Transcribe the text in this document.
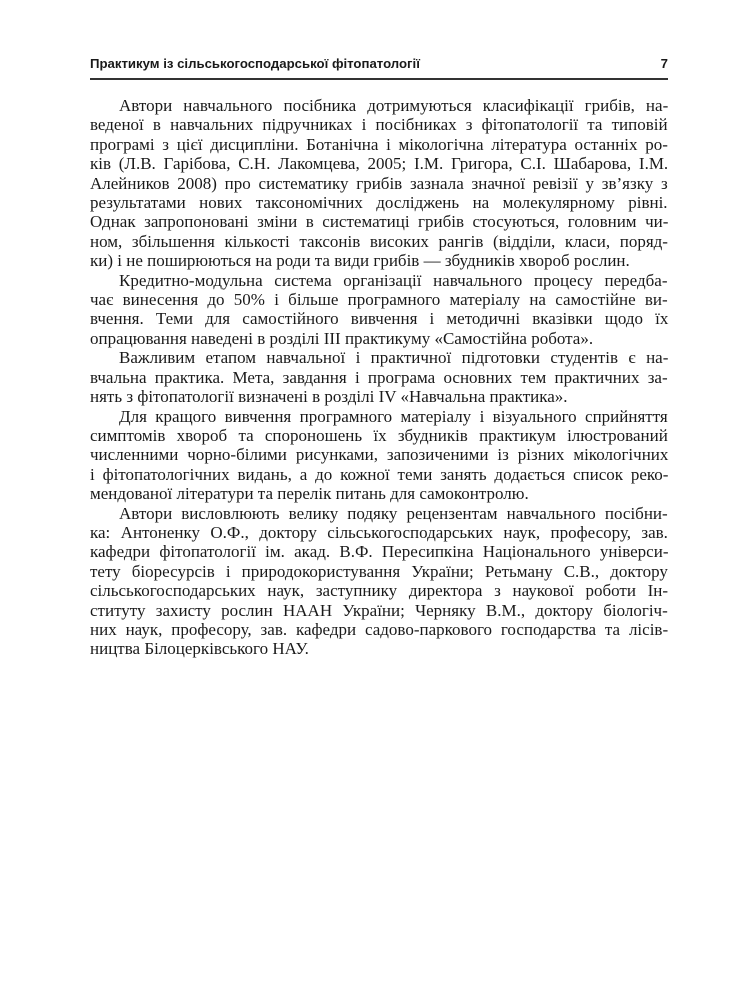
Практикум із сільськогосподарської фітопатології	7

Автори навчального посібника дотримуються класифікації грибів, на-
веденої в навчальних підручниках і посібниках з фітопатології та типовій
програмі з цієї дисципліни. Ботанічна і мікологічна література останніх ро-
ків (Л.В. Гарібова, С.Н. Лакомцева, 2005; І.М. Григора, С.І. Шабарова, І.М.
Алейников 2008) про систематику грибів зазнала значної ревізії у зв’язку з
результатами нових таксономічних досліджень на молекулярному рівні.
Однак запропоновані зміни в систематиці грибів стосуються, головним чи-
ном, збільшення кількості таксонів високих рангів (відділи, класи, поряд-
ки) і не поширюються на роди та види грибів — збудників хвороб рослин.

Кредитно-модульна система організації навчального процесу передба-
чає винесення до 50% і більше програмного матеріалу на самостійне ви-
вчення. Теми для самостійного вивчення і методичні вказівки щодо їх
опрацювання наведені в розділі III практикуму «Самостійна робота».

Важливим етапом навчальної і практичної підготовки студентів є на-
вчальна практика. Мета, завдання і програма основних тем практичних за-
нять з фітопатології визначені в розділі IV «Навчальна практика».

Для кращого вивчення програмного матеріалу і візуального сприйняття
симптомів хвороб та спороношень їх збудників практикум ілюстрований
численними чорно-білими рисунками, запозиченими із різних мікологічних
і фітопатологічних видань, а до кожної теми занять додається список реко-
мендованої літератури та перелік питань для самоконтролю.

Автори висловлюють велику подяку рецензентам навчального посібни-
ка: Антоненку О.Ф., доктору сільськогосподарських наук, професору, зав.
кафедри фітопатології ім. акад. В.Ф. Пересипкіна Національного універси-
тету біоресурсів і природокористування України; Ретьману С.В., доктору
сільськогосподарських наук, заступнику директора з наукової роботи Ін-
ституту захисту рослин НААН України; Черняку В.М., доктору біологіч-
них наук, професору, зав. кафедри садово-паркового господарства та лісів-
ництва Білоцерківського НАУ.
